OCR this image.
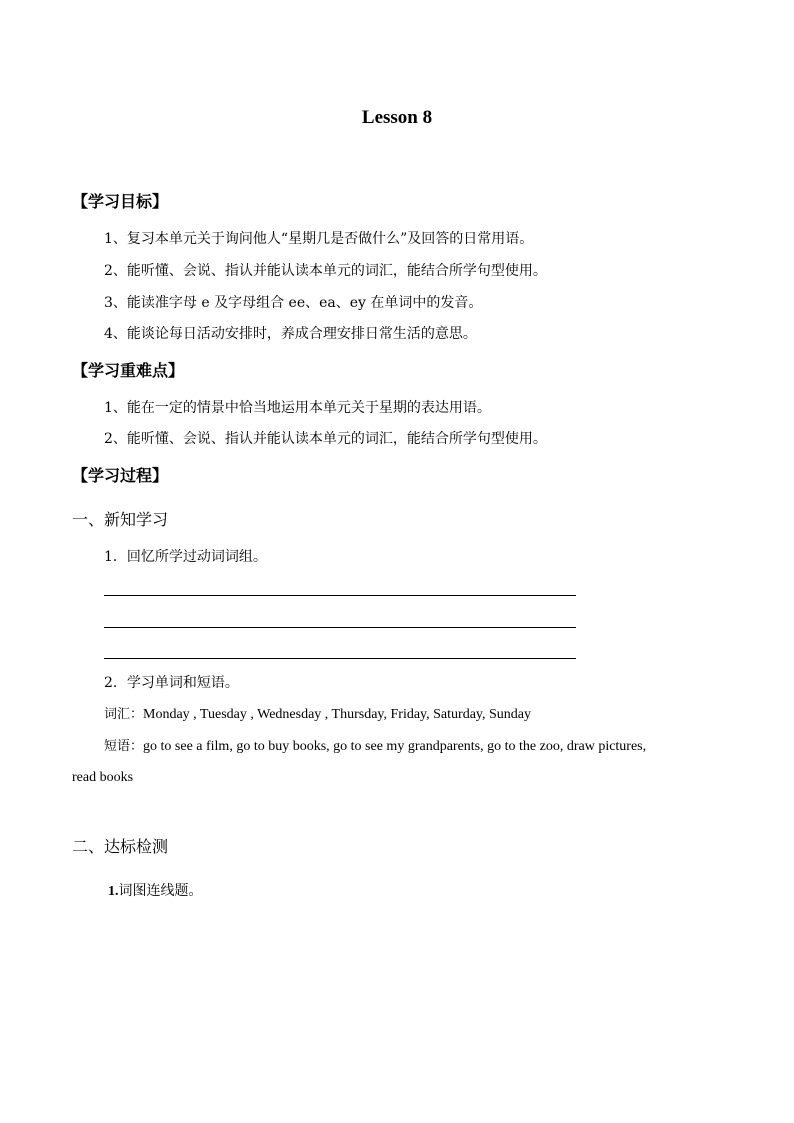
Lesson 8
【学习目标】
1、复习本单元关于询问他人“星期几是否做什么”及回答的日常用语。
2、能听懂、会说、指认并能认读本单元的词汇，能结合所学句型使用。
3、能读准字母 e 及字母组合 ee、ea、ey 在单词中的发音。
4、能谈论每日活动安排时，养成合理安排日常生活的意思。
【学习重难点】
1、能在一定的情景中恰当地运用本单元关于星期的表达用语。
2、能听懂、会说、指认并能认读本单元的词汇，能结合所学句型使用。
【学习过程】
一、新知学习
1．回忆所学过动词词组。
2．学习单词和短语。
词汇：Monday , Tuesday , Wednesday , Thursday, Friday, Saturday, Sunday
短语：go to see a film, go to buy books, go to see my grandparents, go to the zoo, draw pictures,
read books
二、达标检测
1.词图连线题。
